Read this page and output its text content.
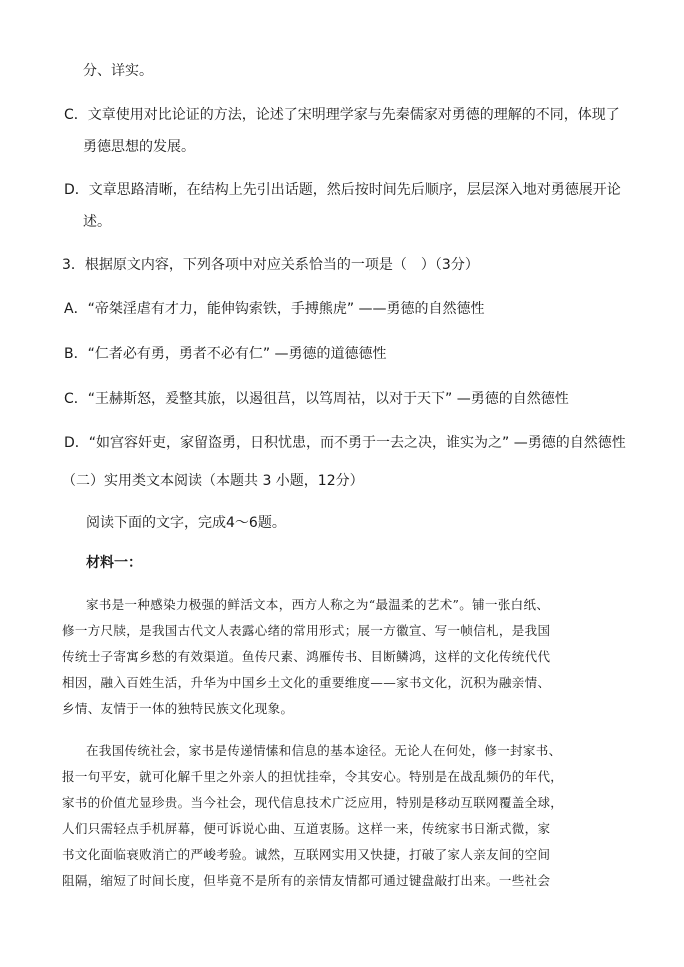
分、详实。
C．文章使用对比论证的方法，论述了宋明理学家与先秦儒家对勇德的理解的不同，体现了
勇德思想的发展。
D．文章思路清晰，在结构上先引出话题，然后按时间先后顺序，层层深入地对勇德展开论
述。
3．根据原文内容，下列各项中对应关系恰当的一项是（　）（3分）
A．“帝桀淫虐有才力，能伸钩索铁，手搏熊虎” ——勇德的自然德性
B．“仁者必有勇，勇者不必有仁” —勇德的道德德性
C．“王赫斯怒，爰整其旅，以遏徂莒，以笃周祜，以对于天下” —勇德的自然德性
D．“如宫容奸吏，家留盗勇，日积忧患，而不勇于一去之决，谁实为之” —勇德的自然德性
（二）实用类文本阅读（本题共 3 小题，12分）
阅读下面的文字，完成4～6题。
材料一：
家书是一种感染力极强的鲜活文本，西方人称之为“最温柔的艺术”。铺一张白纸、
修一方尺牍，是我国古代文人表露心绪的常用形式；展一方徽宣、写一帧信札，是我国
传统士子寄寓乡愁的有效渠道。鱼传尺素、鸿雁传书、目断鳞鸿，这样的文化传统代代
相因，融入百姓生活，升华为中国乡土文化的重要维度——家书文化，沉积为融亲情、
乡情、友情于一体的独特民族文化现象。
在我国传统社会，家书是传递情愫和信息的基本途径。无论人在何处，修一封家书、
报一句平安，就可化解千里之外亲人的担忧挂牵，令其安心。特别是在战乱频仍的年代，
家书的价值尤显珍贵。当今社会，现代信息技术广泛应用，特别是移动互联网覆盖全球，
人们只需轻点手机屏幕，便可诉说心曲、互道衷肠。这样一来，传统家书日渐式微，家
书文化面临衰败消亡的严峻考验。诚然，互联网实用又快捷，打破了家人亲友间的空间
阻隔，缩短了时间长度，但毕竟不是所有的亲情友情都可通过键盘敲打出来。一些社会
